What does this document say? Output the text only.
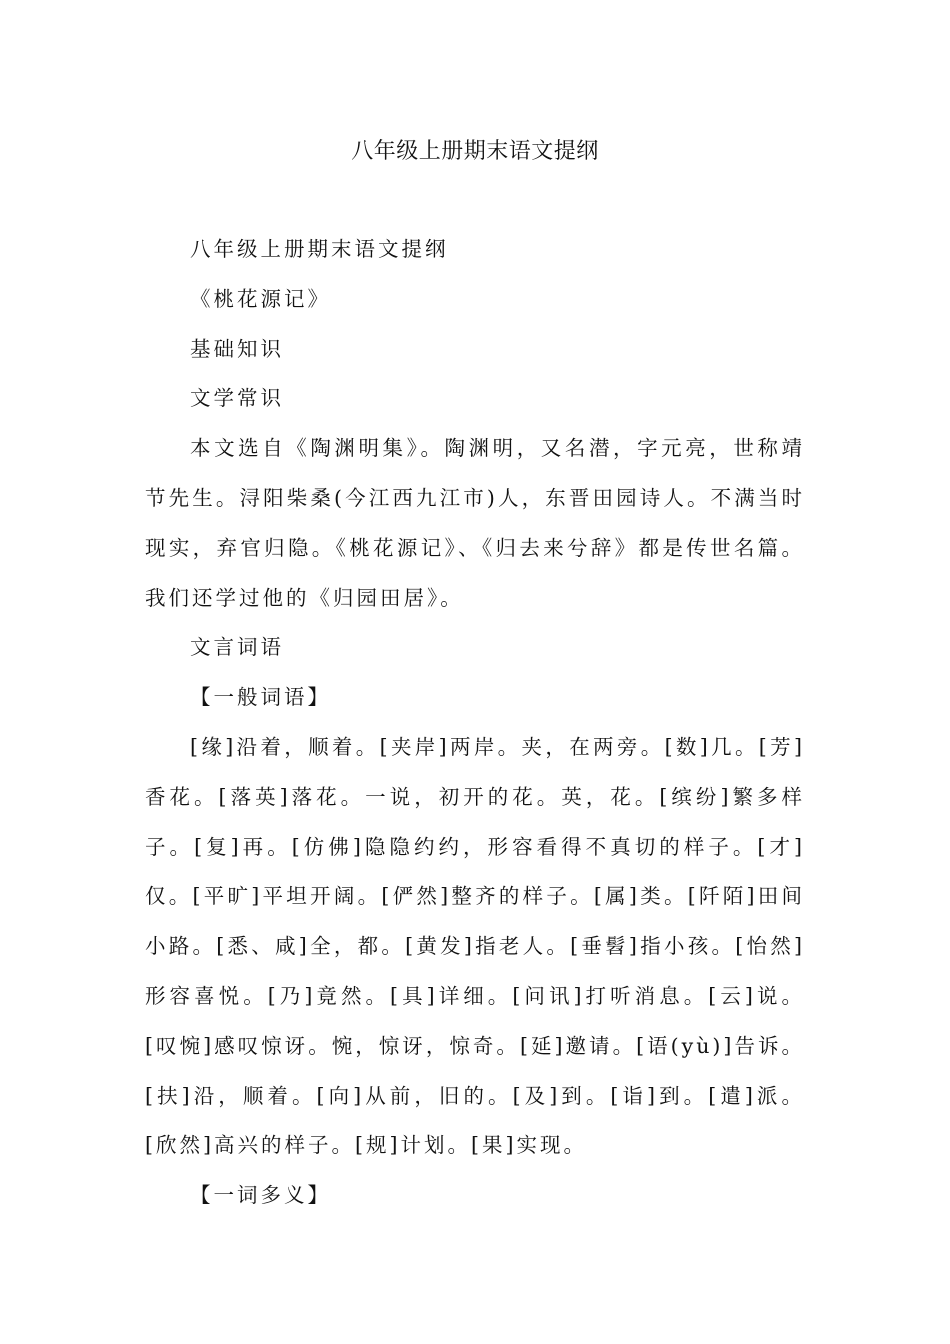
八年级上册期末语文提纲

八年级上册期末语文提纲

《桃花源记》

基础知识

文学常识

本文选自《陶渊明集》。陶渊明，又名潜，字元亮，世称靖节先生。浔阳柴桑(今江西九江市)人，东晋田园诗人。不满当时现实，弃官归隐。《桃花源记》、《归去来兮辞》都是传世名篇。我们还学过他的《归园田居》。

文言词语

【一般词语】

[缘]沿着，顺着。[夹岸]两岸。夹，在两旁。[数]几。[芳]香花。[落英]落花。一说，初开的花。英，花。[缤纷]繁多样子。[复]再。[仿佛]隐隐约约，形容看得不真切的样子。[才]仅。[平旷]平坦开阔。[俨然]整齐的样子。[属]类。[阡陌]田间小路。[悉、咸]全，都。[黄发]指老人。[垂髫]指小孩。[怡然]形容喜悦。[乃]竟然。[具]详细。[问讯]打听消息。[云]说。[叹惋]感叹惊讶。惋，惊讶，惊奇。[延]邀请。[语(yù)]告诉。[扶]沿，顺着。[向]从前，旧的。[及]到。[诣]到。[遣]派。[欣然]高兴的样子。[规]计划。[果]实现。

【一词多义】
